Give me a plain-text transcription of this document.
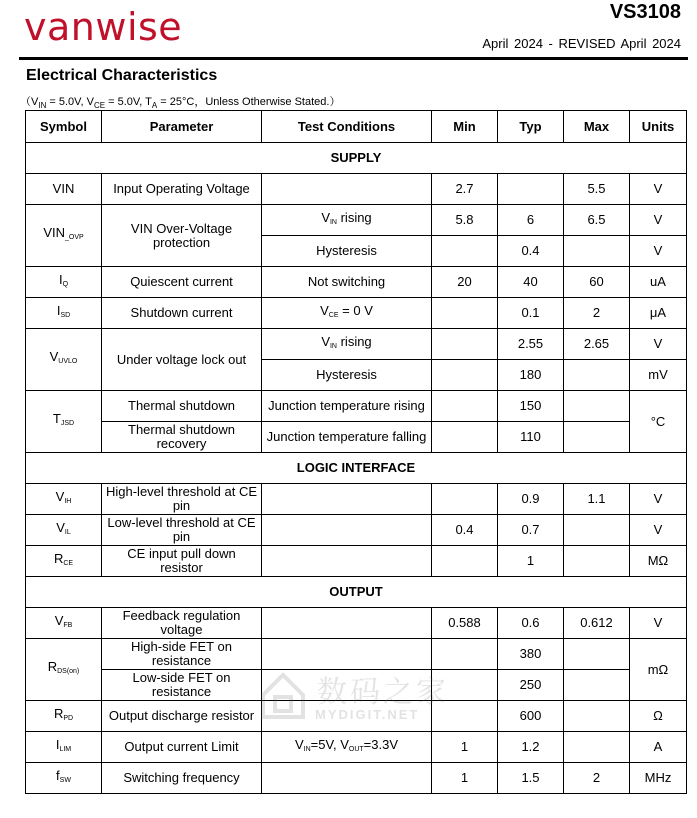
vanwise	VS3108
April 2024 - REVISED April 2024
Electrical Characteristics
（$V_{IN} = 5.0V$, $V_{CE} = 5.0V$, $T_A = 25^\circ C$，Unless Otherwise Stated.）
Symbol	Parameter	Test Conditions	Min	Typ	Max	Units
SUPPLY						
VIN	Input Operating Voltage		2.7		5.5	V
$VIN_{\_OVP}$	VIN Over-Voltage protection	$V_{IN}$ rising	5.8	6	6.5	V
		Hysteresis		0.4		V
$I_Q$	Quiescent current	Not switching	20	40	60	uA
$I_{SD}$	Shutdown current	$V_{CE} = 0$ V		0.1	2	μA
$V_{UVLO}$	Under voltage lock out	$V_{IN}$ rising		2.55	2.65	V
		Hysteresis		180		mV
$T_{JSD}$	Thermal shutdown	Junction temperature rising		150		°C
	Thermal shutdown recovery	Junction temperature falling		110		
LOGIC INTERFACE						
$V_{IH}$	High-level threshold at CE pin			0.9	1.1	V
$V_{IL}$	Low-level threshold at CE pin		0.4	0.7		V
$R_{CE}$	CE input pull down resistor			1		MΩ
OUTPUT						
$V_{FB}$	Feedback regulation voltage		0.588	0.6	0.612	V
$R_{DS(on)}$	High-side FET on resistance			380		mΩ
	Low-side FET on resistance			250		
$R_{PD}$	Output discharge resistor			600		Ω
$I_{LIM}$	Output current Limit	$V_{IN}=5V$, $V_{OUT}=3.3V$	1	1.2		A
$f_{SW}$	Switching frequency		1	1.5	2	MHz
数码之家
MYDIGIT.NET
